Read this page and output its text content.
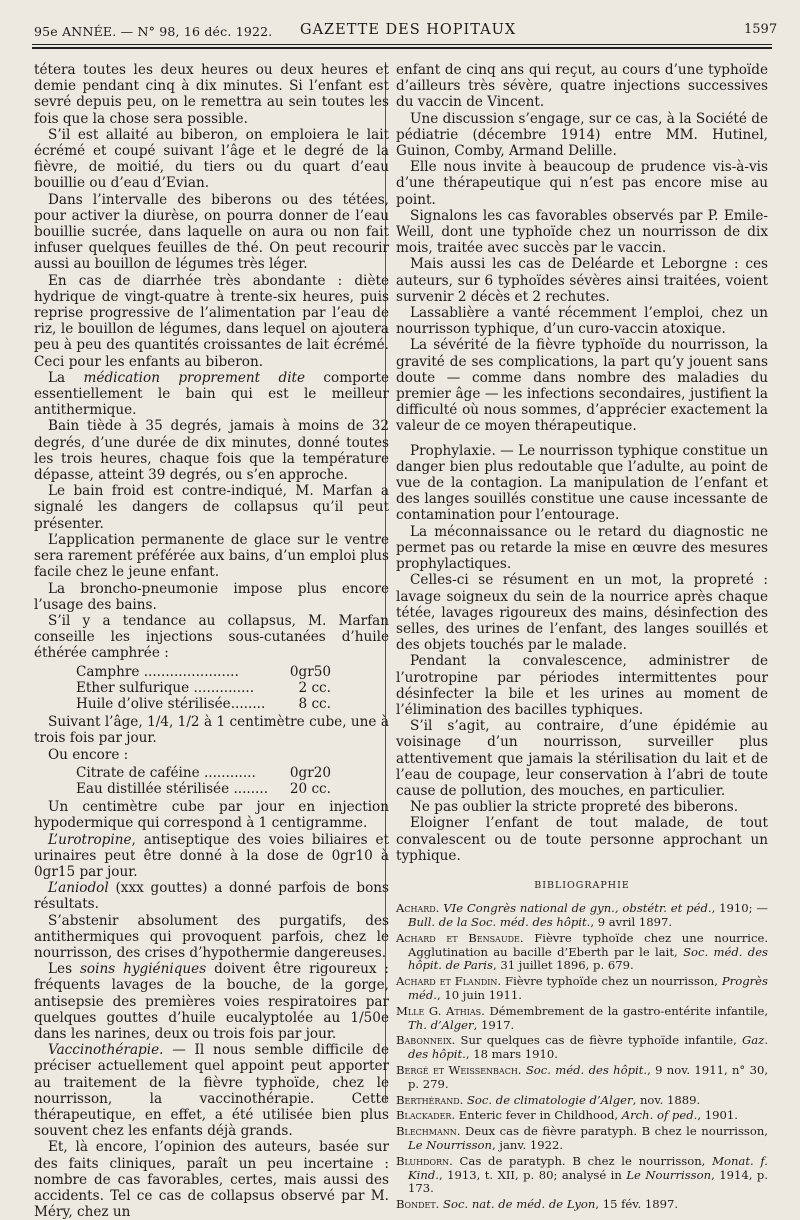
95e ANNÉE. — N° 98, 16 déc. 1922. GAZETTE DES HOPITAUX	1597

tétera toutes les deux heures ou deux heures et demie pendant cinq à dix minutes. Si l’enfant est sevré depuis peu, on le remettra au sein toutes les fois que la chose sera possible.

S’il est allaité au biberon, on emploiera le lait écrémé et coupé suivant l’âge et le degré de la fièvre, de moitié, du tiers ou du quart d’eau bouillie ou d’eau d’Evian.

Dans l’intervalle des biberons ou des tétées, pour activer la diurèse, on pourra donner de l’eau bouillie sucrée, dans laquelle on aura ou non fait infuser quelques feuilles de thé. On peut recourir aussi au bouillon de légumes très léger.

En cas de diarrhée très abondante : diète hydrique de vingt-quatre à trente-six heures, puis reprise progressive de l’alimentation par l’eau de riz, le bouillon de légumes, dans lequel on ajoutera peu à peu des quantités croissantes de lait écrémé. Ceci pour les enfants au biberon.

La médication proprement dite comporte essentiellement le bain qui est le meilleur antithermique.

Bain tiède à 35 degrés, jamais à moins de 32 degrés, d’une durée de dix minutes, donné toutes les trois heures, chaque fois que la température dépasse, atteint 39 degrés, ou s’en approche.

Le bain froid est contre-indiqué, M. Marfan a signalé les dangers de collapsus qu’il peut présenter.

L’application permanente de glace sur le ventre sera rarement préférée aux bains, d’un emploi plus facile chez le jeune enfant.

La broncho-pneumonie impose plus encore l’usage des bains.

S’il y a tendance au collapsus, M. Marfan conseille les injections sous-cutanées d’huile éthérée camphrée :

Camphre ......................	0gr50
Ether sulfurique ..............	2 cc.
Huile d’olive stérilisée........ 8 cc.

Suivant l’âge, 1/4, 1/2 à 1 centimètre cube, une à trois fois par jour.

Ou encore :

Citrate de caféine ............	0gr20
Eau distillée stérilisée ........ 20 cc.

Un centimètre cube par jour en injection hypodermique qui correspond à 1 centigramme.

L’urotropine, antiseptique des voies biliaires et urinaires peut être donné à la dose de 0gr10 à 0gr15 par jour.

L’aniodol (xxx gouttes) a donné parfois de bons résultats.

S’abstenir absolument des purgatifs, des antithermiques qui provoquent parfois, chez le nourrisson, des crises d’hypothermie dangereuses.

Les soins hygiéniques doivent être rigoureux : fréquents lavages de la bouche, de la gorge, antisepsie des premières voies respiratoires par quelques gouttes d’huile eucalyptolée au 1/50e dans les narines, deux ou trois fois par jour.

Vaccinothérapie. — Il nous semble difficile de préciser actuellement quel appoint peut apporter au traitement de la fièvre typhoïde, chez le nourrisson, la vaccinothérapie. Cette thérapeutique, en effet, a été utilisée bien plus souvent chez les enfants déjà grands.

Et, là encore, l’opinion des auteurs, basée sur des faits cliniques, paraît un peu incertaine : nombre de cas favorables, certes, mais aussi des accidents. Tel ce cas de collapsus observé par M. Méry, chez un

enfant de cinq ans qui reçut, au cours d’une typhoïde d’ailleurs très sévère, quatre injections successives du vaccin de Vincent.

Une discussion s’engage, sur ce cas, à la Société de pédiatrie (décembre 1914) entre MM. Hutinel, Guinon, Comby, Armand Delille.

Elle nous invite à beaucoup de prudence vis-à-vis d’une thérapeutique qui n’est pas encore mise au point.

Signalons les cas favorables observés par P. Emile-Weill, dont une typhoïde chez un nourrisson de dix mois, traitée avec succès par le vaccin.

Mais aussi les cas de Deléarde et Leborgne : ces auteurs, sur 6 typhoïdes sévères ainsi traitées, voient survenir 2 décès et 2 rechutes.

Lassablière a vanté récemment l’emploi, chez un nourrisson typhique, d’un curo-vaccin atoxique.

La sévérité de la fièvre typhoïde du nourrisson, la gravité de ses complications, la part qu’y jouent sans doute — comme dans nombre des maladies du premier âge — les infections secondaires, justifient la difficulté où nous sommes, d’apprécier exactement la valeur de ce moyen thérapeutique.

Prophylaxie. — Le nourrisson typhique constitue un danger bien plus redoutable que l’adulte, au point de vue de la contagion. La manipulation de l’enfant et des langes souillés constitue une cause incessante de contamination pour l’entourage.

La méconnaissance ou le retard du diagnostic ne permet pas ou retarde la mise en œuvre des mesures prophylactiques.

Celles-ci se résument en un mot, la propreté : lavage soigneux du sein de la nourrice après chaque tétée, lavages rigoureux des mains, désinfection des selles, des urines de l’enfant, des langes souillés et des objets touchés par le malade.

Pendant la convalescence, administrer de l’urotropine par périodes intermittentes pour désinfecter la bile et les urines au moment de l’élimination des bacilles typhiques.

S’il s’agit, au contraire, d’une épidémie au voisinage d’un nourrisson, surveiller plus attentivement que jamais la stérilisation du lait et de l’eau de coupage, leur conservation à l’abri de toute cause de pollution, des mouches, en particulier.

Ne pas oublier la stricte propreté des biberons.

Eloigner l’enfant de tout malade, de tout convalescent ou de toute personne approchant un typhique.

BIBLIOGRAPHIE

Achard. VIe Congrès national de gyn., obstétr. et péd., 1910; — Bull. de la Soc. méd. des hôpit., 9 avril 1897.

Achard et Bensaude. Fièvre typhoïde chez une nourrice. Agglutination au bacille d’Eberth par le lait, Soc. méd. des hôpit. de Paris, 31 juillet 1896, p. 679.

Achard et Flandin. Fièvre typhoïde chez un nourrisson, Progrès méd., 10 juin 1911.

Mlle G. Athias. Démembrement de la gastro-entérite infantile, Th. d’Alger, 1917.

Babonneix. Sur quelques cas de fièvre typhoïde infantile, Gaz. des hôpit., 18 mars 1910.

Bergé et Weissenbach. Soc. méd. des hôpit., 9 nov. 1911, n° 30, p. 279.

Berthérand. Soc. de climatologie d’Alger, nov. 1889.

Blackader. Enteric fever in Childhood, Arch. of ped., 1901.

Blechmann. Deux cas de fièvre paratyph. B chez le nourrisson, Le Nourrisson, janv. 1922.

Bluhdorn. Cas de paratyph. B chez le nourrisson, Monat. f. Kind., 1913, t. XII, p. 80; analysé in Le Nourrisson, 1914, p. 173.

Bondet. Soc. nat. de méd. de Lyon, 15 fév. 1897.
